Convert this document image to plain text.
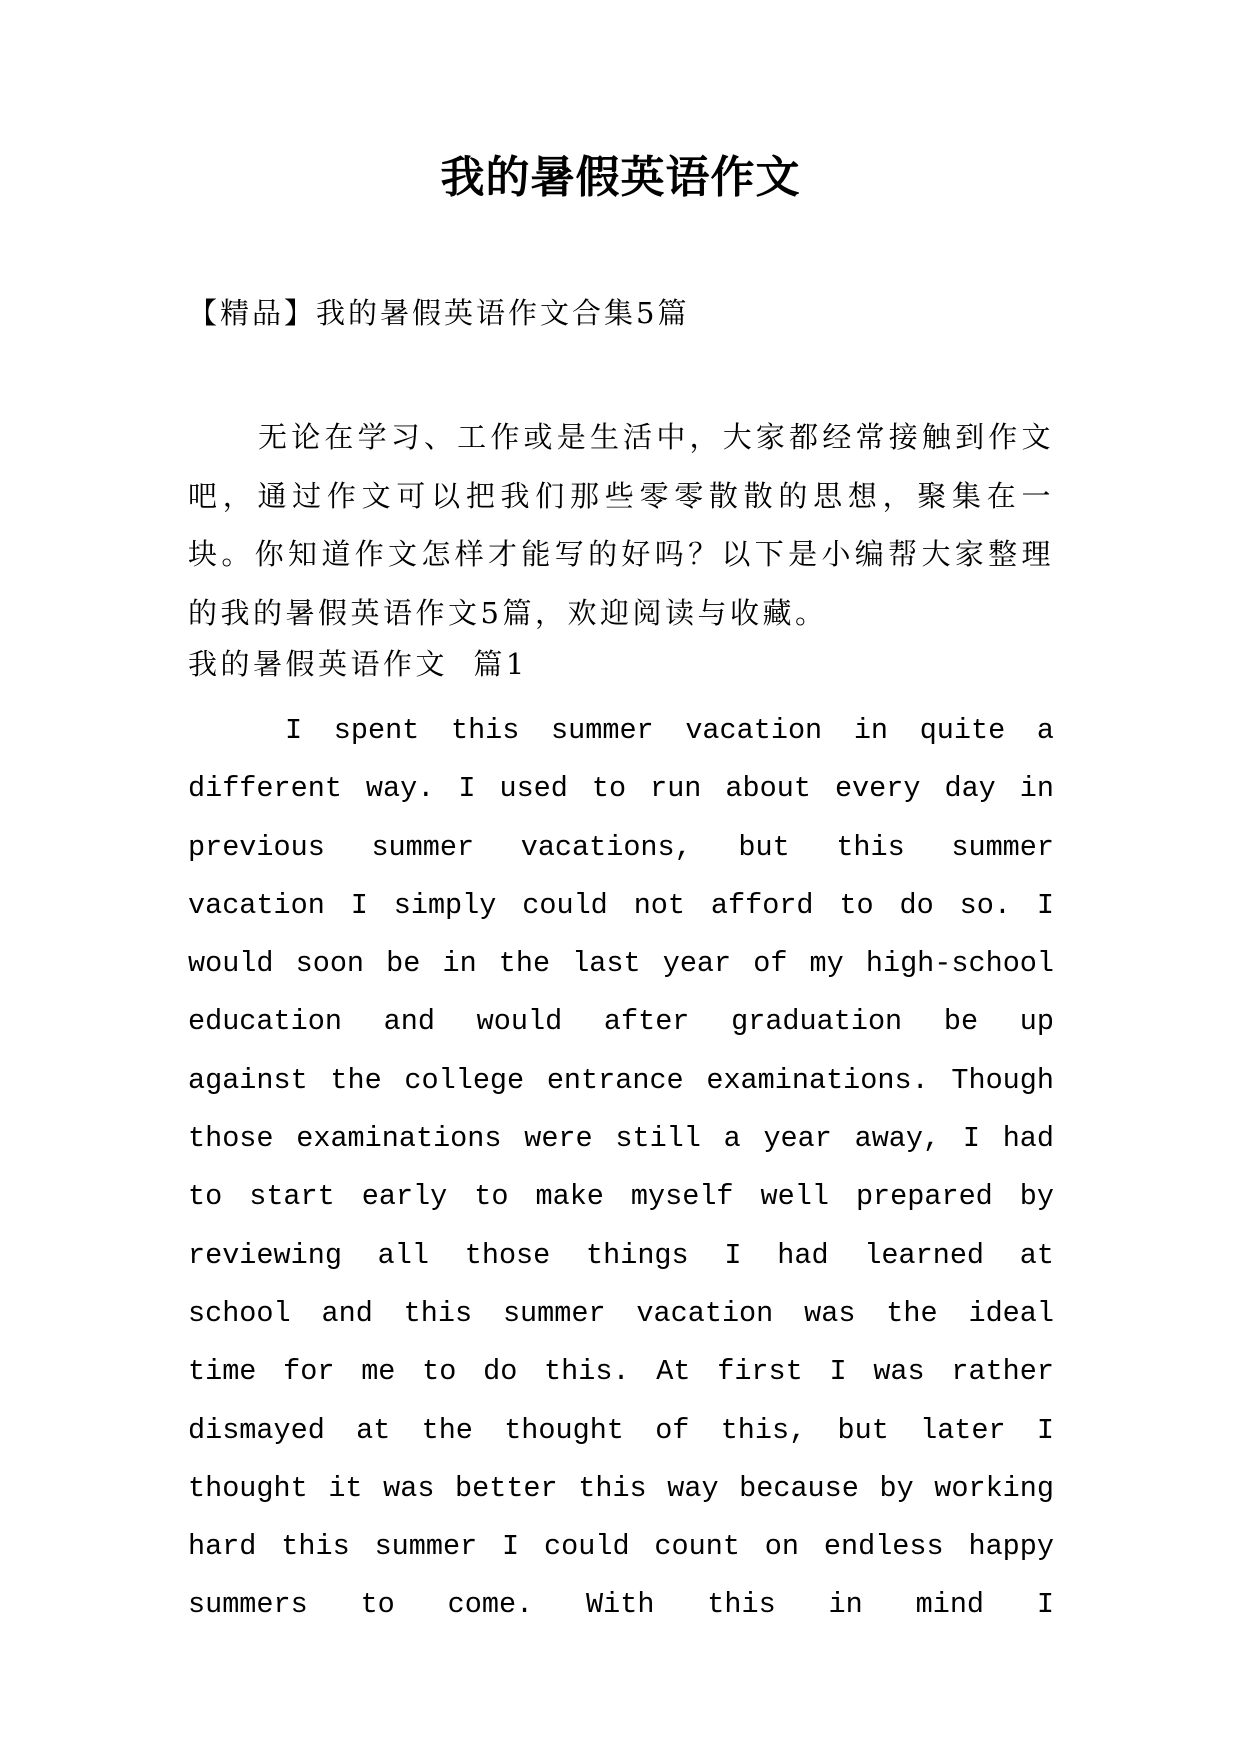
我的暑假英语作文
【精品】我的暑假英语作文合集5篇

无论在学习、工作或是生活中，大家都经常接触到作文吧，通过作文可以把我们那些零零散散的思想，聚集在一块。你知道作文怎样才能写的好吗？以下是小编帮大家整理的我的暑假英语作文5篇，欢迎阅读与收藏。

我的暑假英语作文  篇1

I spent this summer vacation in quite a different way. I used to run about every day in previous summer vacations, but this summer vacation I simply could not afford to do so. I would soon be in the last year of my high-school education and would after graduation be up against the college entrance examinations. Though those examinations were still a year away, I had to start early to make myself well prepared by reviewing all those things I had learned at school and this summer vacation was the ideal time for me to do this. At first I was rather dismayed at the thought of this, but later I thought it was better this way because by working hard this summer I could count on endless happy summers to come. With this in mind I
